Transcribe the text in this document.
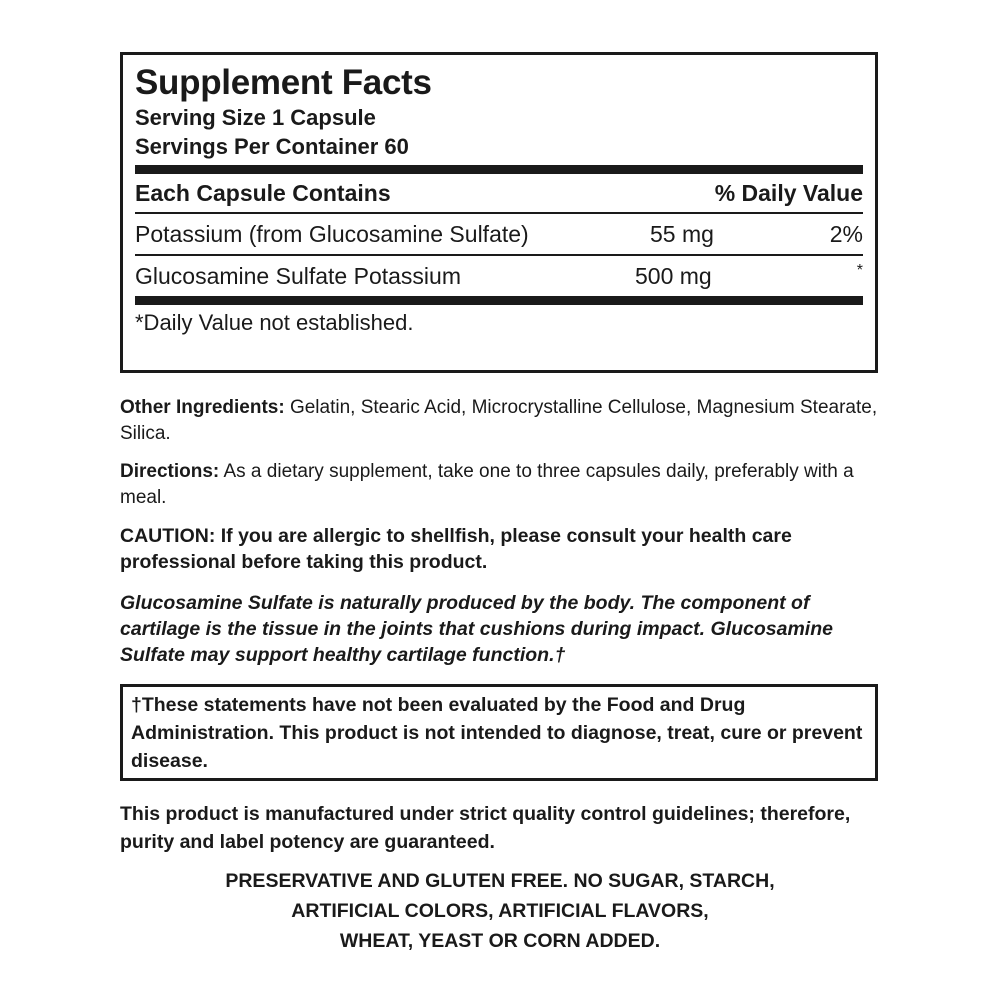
Supplement Facts
Serving Size 1 Capsule
Servings Per Container 60
Each Capsule Contains	% Daily Value
Potassium (from Glucosamine Sulfate)	55 mg	2%
Glucosamine Sulfate Potassium	500 mg	*
*Daily Value not established.
Other Ingredients: Gelatin, Stearic Acid, Microcrystalline Cellulose, Magnesium Stearate, Silica.
Directions: As a dietary supplement, take one to three capsules daily, preferably with a meal.
CAUTION: If you are allergic to shellfish, please consult your health care professional before taking this product.
Glucosamine Sulfate is naturally produced by the body. The component of cartilage is the tissue in the joints that cushions during impact. Glucosamine Sulfate may support healthy cartilage function.†
†These statements have not been evaluated by the Food and Drug Administration. This product is not intended to diagnose, treat, cure or prevent disease.
This product is manufactured under strict quality control guidelines; therefore, purity and label potency are guaranteed.
PRESERVATIVE AND GLUTEN FREE. NO SUGAR, STARCH,
ARTIFICIAL COLORS, ARTIFICIAL FLAVORS,
WHEAT, YEAST OR CORN ADDED.
